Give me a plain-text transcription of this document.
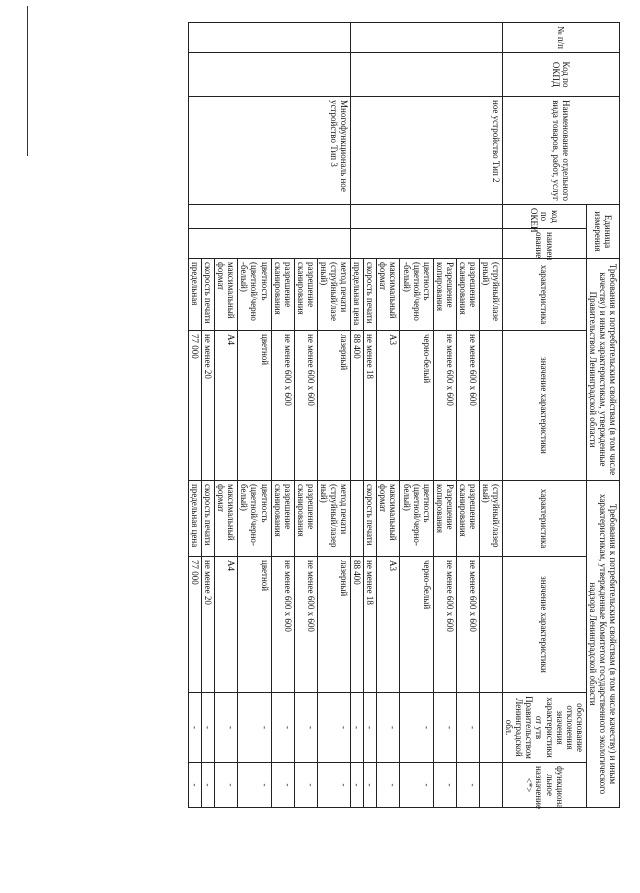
№ п/п	Код по ОКПД	Наименование отдельного вида товаров, работ, услуг	Единица измерения		Требования к потребительским свойствам (в том числе качеству) и иным характеристикам, утвержденные Правительством Ленинградской области		Требования к потребительским свойствам (в том числе качеству) и иным характеристикам, утвержденные Комитетом государственного экологического надзора Ленинградской области			
			код по ОКЕИ	наимен ование	характеристика	значение характеристики	характеристика	значение характеристики	обоснование отклонения значения характеристики от утв Правительством Ленинградской обл.	функциона льное назначение <*>
		ное устройство Тип 2			(струйный/лазе рный)		(струйный/лазер ный)			
					разрешение сканирования	не менее 600 x 600	разрешение сканирования	не менее 600 x 600	-	-
					Разрешение копирования	не менее 600 x 600	Разрешение копирования	не менее 600 x 600	-	-
					цветность (цветной/черно -белый)	черно-белый	цветность (цветной/черно- белый)	черно-белый	-	-
					максимальный формат	А3	максимальный формат	А3	-	-
					скорость печати	не менее 18	скорость печати	не менее 18	-	-
					предельная цена	88 400		88 400	-	-
		Многофункциональ ное устройство Тип 3			метод печати (струйный/лазе рный)	лазерный	метод печати (струйный/лазер ный)	лазерный	-	-
					разрешение сканирования	не менее 600 x 600	разрешение сканирования	не менее 600 x 600	-	-
					разрешение сканирования	не менее 600 x 600	разрешение сканирования	не менее 600 x 600	-	-
					цветность (цветной/черно -белый)	цветной	цветность (цветной/черно- белый)	цветной	-	-
					максимальный формат	А4	максимальный формат	А4	-	-
					скорость печати	не менее 20	скорость печати	не менее 20	-	-
					предельная	77 000	предельная цена	77 000	-	-
